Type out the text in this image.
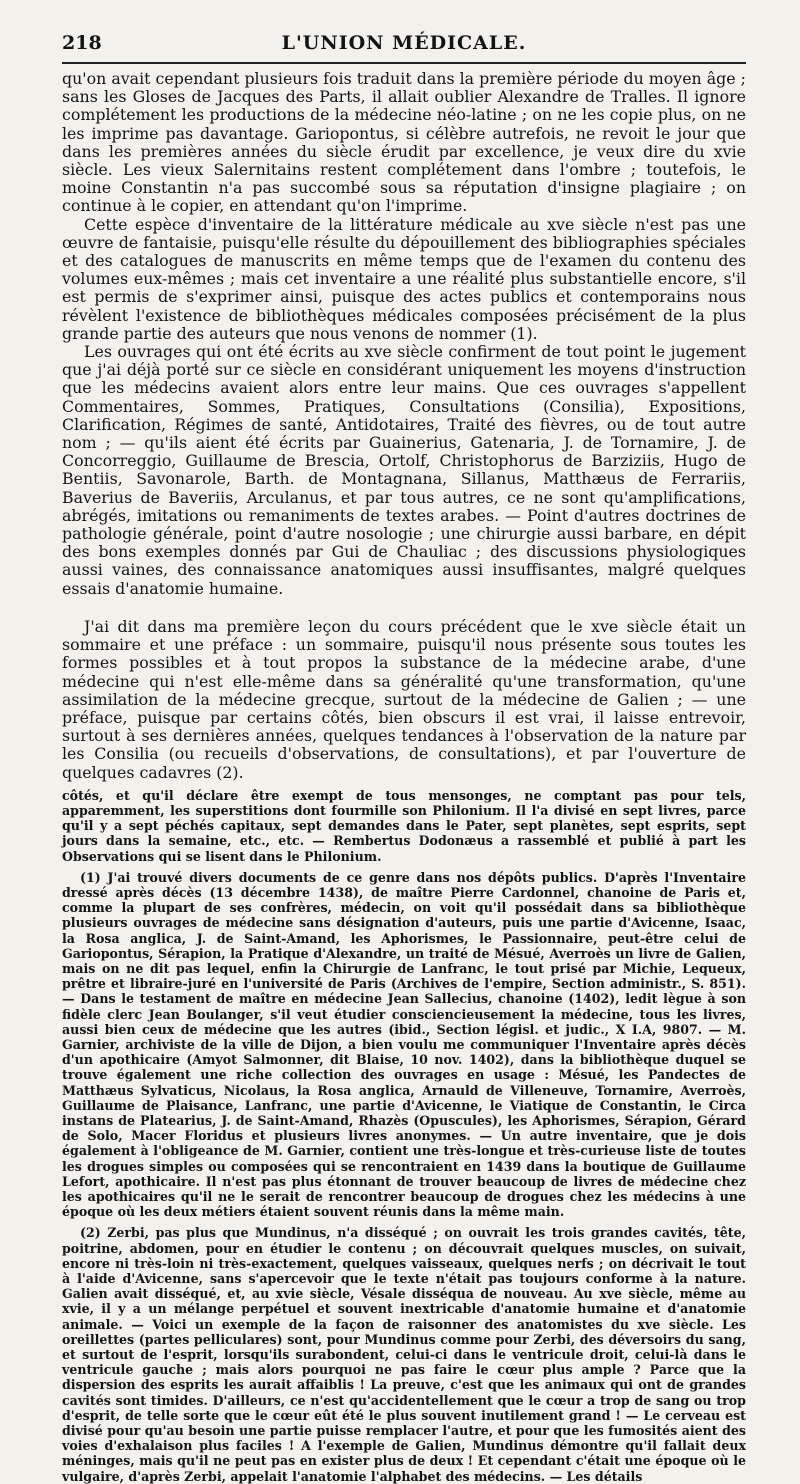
218	L'UNION MÉDICALE.

qu'on avait cependant plusieurs fois traduit dans la première période du moyen âge ; sans les Gloses de Jacques des Parts, il allait oublier Alexandre de Tralles. Il ignore complétement les productions de la médecine néo-latine ; on ne les copie plus, on ne les imprime pas davantage. Gariopontus, si célèbre autrefois, ne revoit le jour que dans les premières années du siècle érudit par excellence, je veux dire du xvie siècle. Les vieux Salernitains restent complétement dans l'ombre ; toutefois, le moine Constantin n'a pas succombé sous sa réputation d'insigne plagiaire ; on continue à le copier, en attendant qu'on l'imprime.

Cette espèce d'inventaire de la littérature médicale au xve siècle n'est pas une œuvre de fantaisie, puisqu'elle résulte du dépouillement des bibliographies spéciales et des catalogues de manuscrits en même temps que de l'examen du contenu des volumes eux-mêmes ; mais cet inventaire a une réalité plus substantielle encore, s'il est permis de s'exprimer ainsi, puisque des actes publics et contemporains nous révèlent l'existence de bibliothèques médicales composées précisément de la plus grande partie des auteurs que nous venons de nommer (1).

Les ouvrages qui ont été écrits au xve siècle confirment de tout point le jugement que j'ai déjà porté sur ce siècle en considérant uniquement les moyens d'instruction que les médecins avaient alors entre leur mains. Que ces ouvrages s'appellent Commentaires, Sommes, Pratiques, Consultations (Consilia), Expositions, Clarification, Régimes de santé, Antidotaires, Traité des fièvres, ou de tout autre nom ; — qu'ils aient été écrits par Guainerius, Gatenaria, J. de Tornamire, J. de Concorreggio, Guillaume de Brescia, Ortolf, Christophorus de Barziziis, Hugo de Bentiis, Savonarole, Barth. de Montagnana, Sillanus, Matthæus de Ferrariis, Baverius de Baveriis, Arculanus, et par tous autres, ce ne sont qu'amplifications, abrégés, imitations ou remaniments de textes arabes. — Point d'autres doctrines de pathologie générale, point d'autre nosologie ; une chirurgie aussi barbare, en dépit des bons exemples donnés par Gui de Chauliac ; des discussions physiologiques aussi vaines, des connaissance anatomiques aussi insuffisantes, malgré quelques essais d'anatomie humaine.

J'ai dit dans ma première leçon du cours précédent que le xve siècle était un sommaire et une préface : un sommaire, puisqu'il nous présente sous toutes les formes possibles et à tout propos la substance de la médecine arabe, d'une médecine qui n'est elle-même dans sa généralité qu'une transformation, qu'une assimilation de la médecine grecque, surtout de la médecine de Galien ; — une préface, puisque par certains côtés, bien obscurs il est vrai, il laisse entrevoir, surtout à ses dernières années, quelques tendances à l'observation de la nature par les Consilia (ou recueils d'observations, de consultations), et par l'ouverture de quelques cadavres (2).

côtés, et qu'il déclare être exempt de tous mensonges, ne comptant pas pour tels, apparemment, les superstitions dont fourmille son Philonium. Il l'a divisé en sept livres, parce qu'il y a sept péchés capitaux, sept demandes dans le Pater, sept planètes, sept esprits, sept jours dans la semaine, etc., etc. — Rembertus Dodonæus a rassemblé et publié à part les Observations qui se lisent dans le Philonium.

(1) J'ai trouvé divers documents de ce genre dans nos dépôts publics. D'après l'Inventaire dressé après décès (13 décembre 1438), de maître Pierre Cardonnel, chanoine de Paris et, comme la plupart de ses confrères, médecin, on voit qu'il possédait dans sa bibliothèque plusieurs ouvrages de médecine sans désignation d'auteurs, puis une partie d'Avicenne, Isaac, la Rosa anglica, J. de Saint-Amand, les Aphorismes, le Passionnaire, peut-être celui de Gariopontus, Sérapion, la Pratique d'Alexandre, un traité de Mésué, Averroès un livre de Galien, mais on ne dit pas lequel, enfin la Chirurgie de Lanfranc, le tout prisé par Michie, Lequeux, prêtre et libraire-juré en l'université de Paris (Archives de l'empire, Section administr., S. 851). — Dans le testament de maître en médecine Jean Sallecius, chanoine (1402), ledit lègue à son fidèle clerc Jean Boulanger, s'il veut étudier consciencieusement la médecine, tous les livres, aussi bien ceux de médecine que les autres (ibid., Section législ. et judic., X I.A, 9807. — M. Garnier, archiviste de la ville de Dijon, a bien voulu me communiquer l'Inventaire après décès d'un apothicaire (Amyot Salmonner, dit Blaise, 10 nov. 1402), dans la bibliothèque duquel se trouve également une riche collection des ouvrages en usage : Mésué, les Pandectes de Matthæus Sylvaticus, Nicolaus, la Rosa anglica, Arnauld de Villeneuve, Tornamire, Averroès, Guillaume de Plaisance, Lanfranc, une partie d'Avicenne, le Viatique de Constantin, le Circa instans de Platearius, J. de Saint-Amand, Rhazès (Opuscules), les Aphorismes, Sérapion, Gérard de Solo, Macer Floridus et plusieurs livres anonymes. — Un autre inventaire, que je dois également à l'obligeance de M. Garnier, contient une très-longue et très-curieuse liste de toutes les drogues simples ou composées qui se rencontraient en 1439 dans la boutique de Guillaume Lefort, apothicaire. Il n'est pas plus étonnant de trouver beaucoup de livres de médecine chez les apothicaires qu'il ne le serait de rencontrer beaucoup de drogues chez les médecins à une époque où les deux métiers étaient souvent réunis dans la même main.

(2) Zerbi, pas plus que Mundinus, n'a disséqué ; on ouvrait les trois grandes cavités, tête, poitrine, abdomen, pour en étudier le contenu ; on découvrait quelques muscles, on suivait, encore ni très-loin ni très-exactement, quelques vaisseaux, quelques nerfs ; on décrivait le tout à l'aide d'Avicenne, sans s'apercevoir que le texte n'était pas toujours conforme à la nature. Galien avait disséqué, et, au xvie siècle, Vésale disséqua de nouveau. Au xve siècle, même au xvie, il y a un mélange perpétuel et souvent inextricable d'anatomie humaine et d'anatomie animale. — Voici un exemple de la façon de raisonner des anatomistes du xve siècle. Les oreillettes (partes pelliculares) sont, pour Mundinus comme pour Zerbi, des déversoirs du sang, et surtout de l'esprit, lorsqu'ils surabondent, celui-ci dans le ventricule droit, celui-là dans le ventricule gauche ; mais alors pourquoi ne pas faire le cœur plus ample ? Parce que la dispersion des esprits les aurait affaiblis ! La preuve, c'est que les animaux qui ont de grandes cavités sont timides. D'ailleurs, ce n'est qu'accidentellement que le cœur a trop de sang ou trop d'esprit, de telle sorte que le cœur eût été le plus souvent inutilement grand ! — Le cerveau est divisé pour qu'au besoin une partie puisse remplacer l'autre, et pour que les fumosités aient des voies d'exhalaison plus faciles ! A l'exemple de Galien, Mundinus démontre qu'il fallait deux méninges, mais qu'il ne peut pas en exister plus de deux ! Et cependant c'était une époque où le vulgaire, d'après Zerbi, appelait l'anatomie l'alphabet des médecins. — Les détails
